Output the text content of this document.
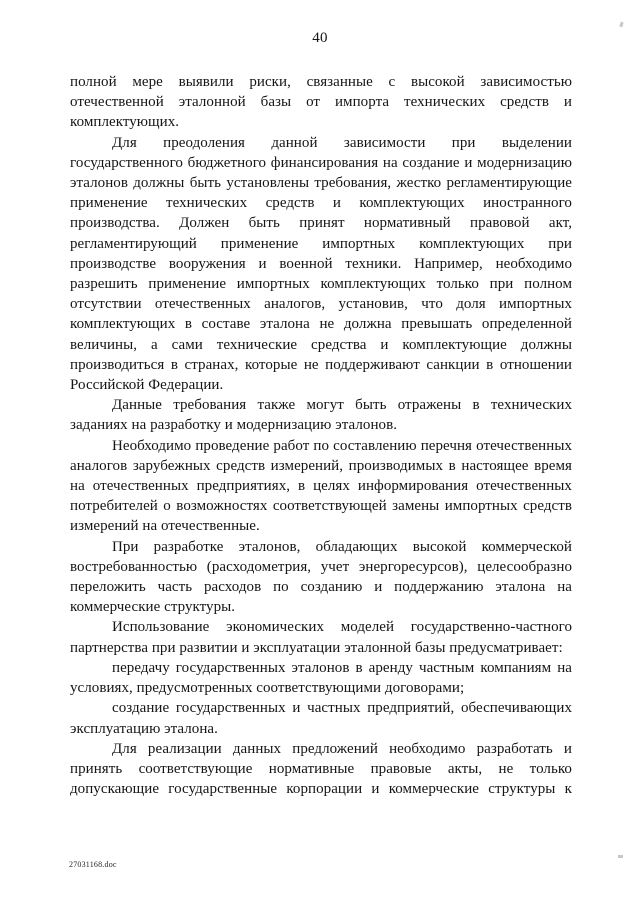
40

полной мере выявили риски, связанные с высокой зависимостью отечественной эталонной базы от импорта технических средств и комплектующих.

Для преодоления данной зависимости при выделении государственного бюджетного финансирования на создание и модернизацию эталонов должны быть установлены требования, жестко регламентирующие применение технических средств и комплектующих иностранного производства. Должен быть принят нормативный правовой акт, регламентирующий применение импортных комплектующих при производстве вооружения и военной техники. Например, необходимо разрешить применение импортных комплектующих только при полном отсутствии отечественных аналогов, установив, что доля импортных комплектующих в составе эталона не должна превышать определенной величины, а сами технические средства и комплектующие должны производиться в странах, которые не поддерживают санкции в отношении Российской Федерации.

Данные требования также могут быть отражены в технических заданиях на разработку и модернизацию эталонов.

Необходимо проведение работ по составлению перечня отечественных аналогов зарубежных средств измерений, производимых в настоящее время на отечественных предприятиях, в целях информирования отечественных потребителей о возможностях соответствующей замены импортных средств измерений на отечественные.

При разработке эталонов, обладающих высокой коммерческой востребованностью (расходометрия, учет энергоресурсов), целесообразно переложить часть расходов по созданию и поддержанию эталона на коммерческие структуры.

Использование экономических моделей государственно-частного партнерства при развитии и эксплуатации эталонной базы предусматривает:

передачу государственных эталонов в аренду частным компаниям на условиях, предусмотренных соответствующими договорами;

создание государственных и частных предприятий, обеспечивающих эксплуатацию эталона.

Для реализации данных предложений необходимо разработать и принять соответствующие нормативные правовые акты, не только допускающие государственные корпорации и коммерческие структуры к

27031168.doc
